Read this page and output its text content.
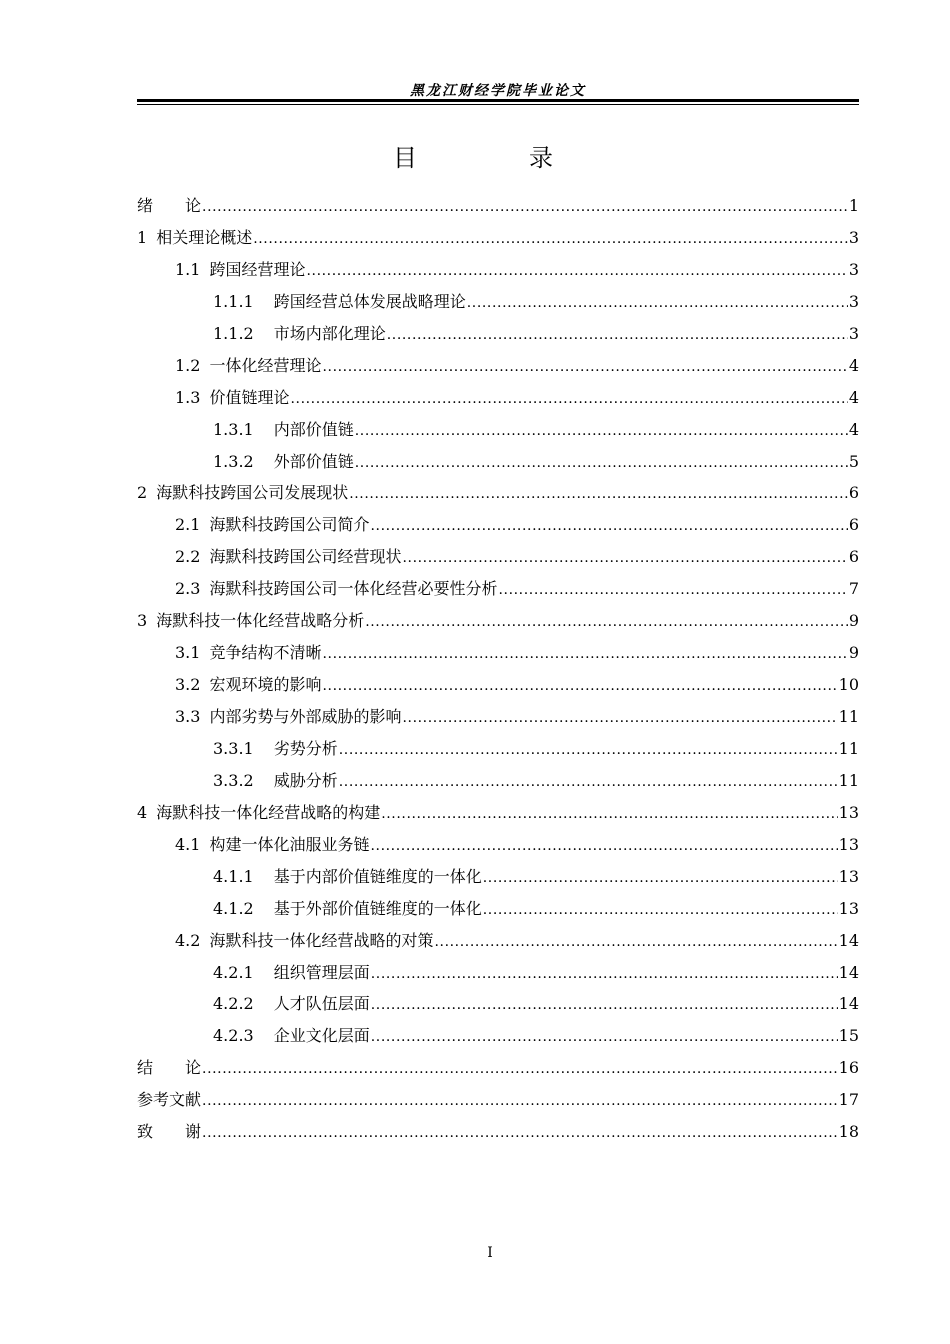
黑龙江财经学院毕业论文
目　录
绪　　论 .....	1
1 相关理论概述 .....	3
1.1 跨国经营理论 .....	3
1.1.1 跨国经营总体发展战略理论 .....	3
1.1.2 市场内部化理论 .....	3
1.2 一体化经营理论 .....	4
1.3 价值链理论 .....	4
1.3.1 内部价值链 .....	4
1.3.2 外部价值链 .....	5
2 海默科技跨国公司发展现状 .....	6
2.1 海默科技跨国公司简介 .....	6
2.2 海默科技跨国公司经营现状 .....	6
2.3 海默科技跨国公司一体化经营必要性分析 .....	7
3 海默科技一体化经营战略分析 .....	9
3.1 竞争结构不清晰 .....	9
3.2 宏观环境的影响 .....	10
3.3 内部劣势与外部威胁的影响 .....	11
3.3.1 劣势分析 .....	11
3.3.2 威胁分析 .....	11
4 海默科技一体化经营战略的构建 .....	13
4.1 构建一体化油服业务链 .....	13
4.1.1 基于内部价值链维度的一体化 .....	13
4.1.2 基于外部价值链维度的一体化 .....	13
4.2 海默科技一体化经营战略的对策 .....	14
4.2.1 组织管理层面 .....	14
4.2.2 人才队伍层面 .....	14
4.2.3 企业文化层面 .....	15
结　　论 .....	16
参考文献 .....	17
致　　谢 .....	18
I
